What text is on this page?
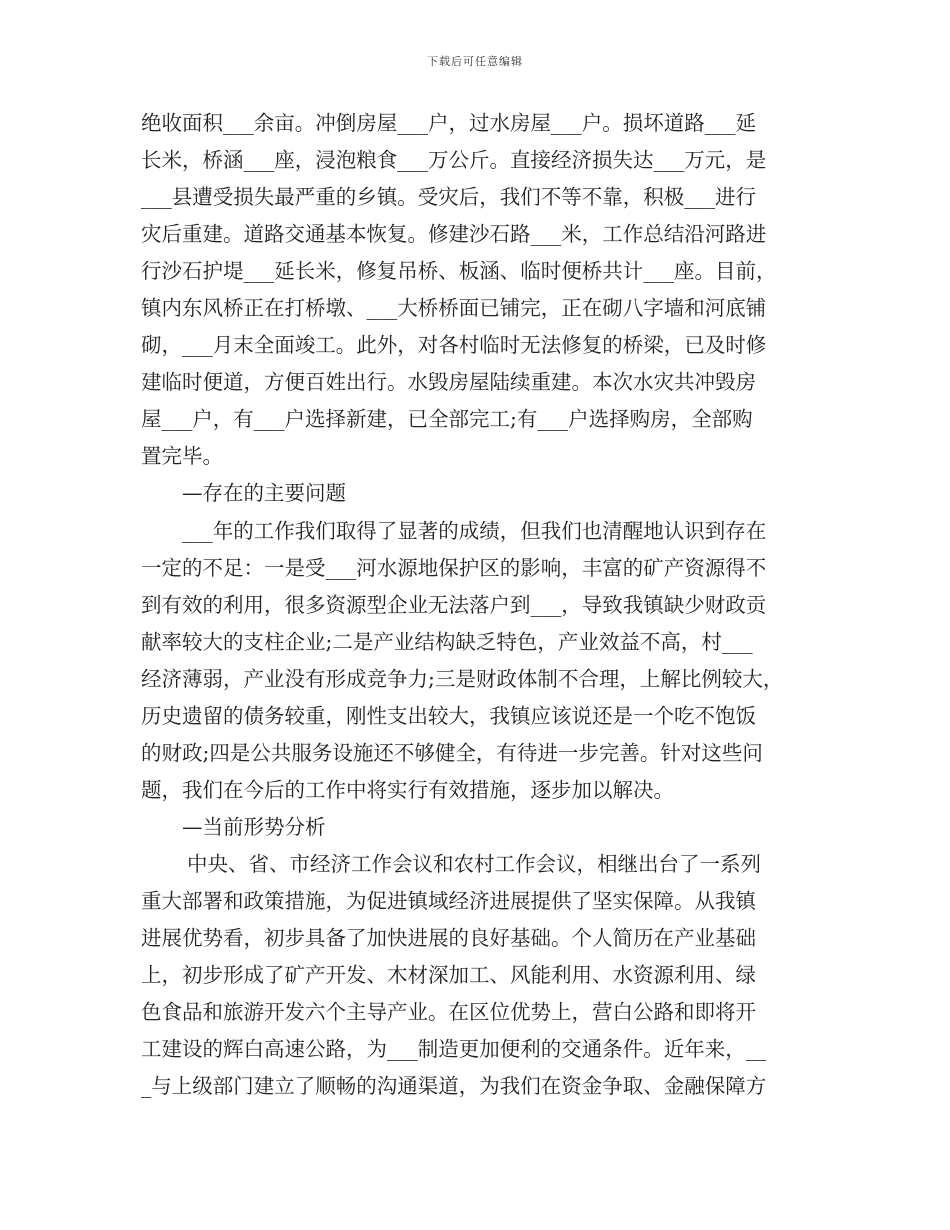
下载后可任意编辑
绝收面积___余亩。冲倒房屋___户，过水房屋___户。损坏道路___延
长米，桥涵___座，浸泡粮食___万公斤。直接经济损失达___万元，是
___县遭受损失最严重的乡镇。受灾后，我们不等不靠，积极___进行
灾后重建。道路交通基本恢复。修建沙石路___米，工作总结沿河路进
行沙石护堤___延长米，修复吊桥、板涵、临时便桥共计___座。目前，
镇内东风桥正在打桥墩、___大桥桥面已铺完，正在砌八字墙和河底铺
砌，___月末全面竣工。此外，对各村临时无法修复的桥梁，已及时修
建临时便道，方便百姓出行。水毁房屋陆续重建。本次水灾共冲毁房
屋___户，有___户选择新建，已全部完工;有___户选择购房，全部购
置完毕。
—存在的主要问题
___年的工作我们取得了显著的成绩，但我们也清醒地认识到存在
一定的不足：一是受___河水源地保护区的影响，丰富的矿产资源得不
到有效的利用，很多资源型企业无法落户到___，导致我镇缺少财政贡
献率较大的支柱企业;二是产业结构缺乏特色，产业效益不高，村___
经济薄弱，产业没有形成竞争力;三是财政体制不合理，上解比例较大，
历史遗留的债务较重，刚性支出较大，我镇应该说还是一个吃不饱饭
的财政;四是公共服务设施还不够健全，有待进一步完善。针对这些问
题，我们在今后的工作中将实行有效措施，逐步加以解决。
—当前形势分析
中央、省、市经济工作会议和农村工作会议，相继出台了一系列
重大部署和政策措施，为促进镇域经济进展提供了坚实保障。从我镇
进展优势看，初步具备了加快进展的良好基础。个人简历在产业基础
上，初步形成了矿产开发、木材深加工、风能利用、水资源利用、绿
色食品和旅游开发六个主导产业。在区位优势上，营白公路和即将开
工建设的辉白高速公路，为___制造更加便利的交通条件。近年来，__
_与上级部门建立了顺畅的沟通渠道，为我们在资金争取、金融保障方
